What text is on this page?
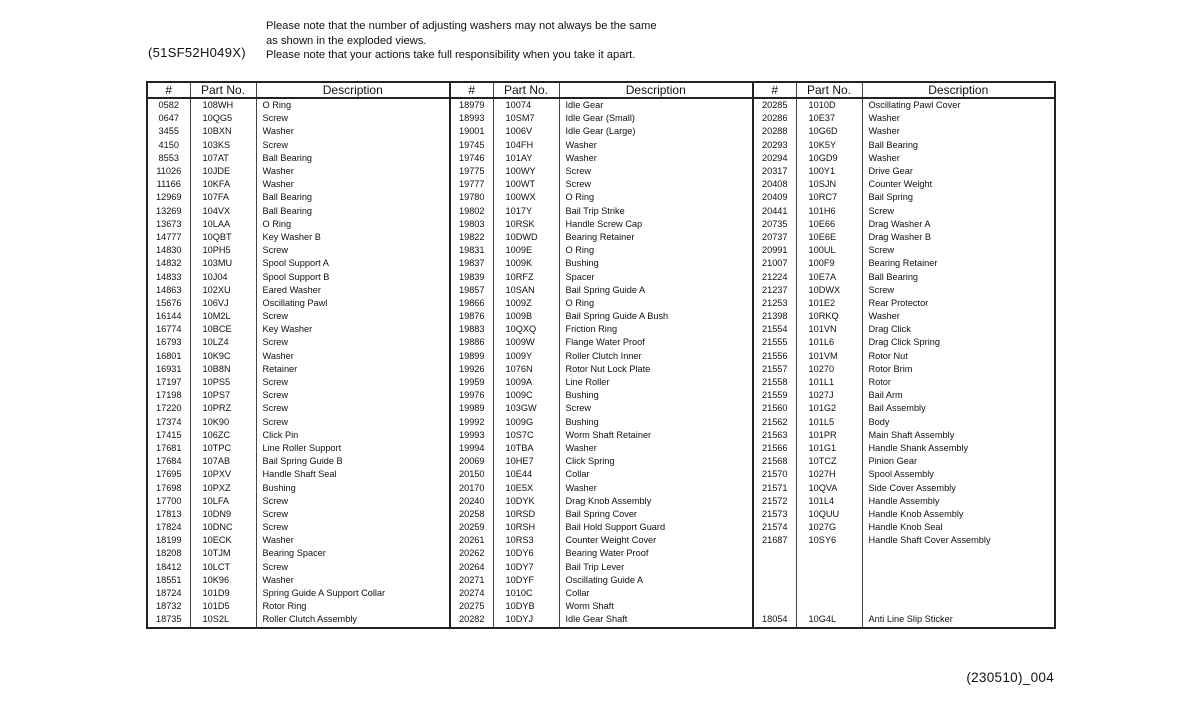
(51SF52H049X)
Please note that the number of adjusting washers may not always be the same
as shown in the exploded views.
Please note that your actions take full responsibility when you take it apart.
#	Part No.	Description	#	Part No.	Description	#	Part No.	Description
0582	108WH	O Ring	18979	10074	Idle Gear	20285	1010D	Oscillating Pawl Cover
0647	10QG5	Screw	18993	10SM7	Idle Gear (Small)	20286	10E37	Washer
3455	10BXN	Washer	19001	1006V	Idle Gear (Large)	20288	10G6D	Washer
4150	103KS	Screw	19745	104FH	Washer	20293	10K5Y	Ball Bearing
8553	107AT	Ball Bearing	19746	101AY	Washer	20294	10GD9	Washer
11026	10JDE	Washer	19775	100WY	Screw	20317	100Y1	Drive Gear
11166	10KFA	Washer	19777	100WT	Screw	20408	10SJN	Counter Weight
12969	107FA	Ball Bearing	19780	100WX	O Ring	20409	10RC7	Bail Spring
13269	104VX	Ball Bearing	19802	1017Y	Bail Trip Strike	20441	101H6	Screw
13673	10LAA	O Ring	19803	10RSK	Handle Screw Cap	20735	10E66	Drag Washer A
14777	10QBT	Key Washer B	19822	10DWD	Bearing Retainer	20737	10E6E	Drag Washer B
14830	10PH5	Screw	19831	1009E	O Ring	20991	100UL	Screw
14832	103MU	Spool Support A	19837	1009K	Bushing	21007	100F9	Bearing Retainer
14833	10J04	Spool Support B	19839	10RFZ	Spacer	21224	10E7A	Ball Bearing
14863	102XU	Eared Washer	19857	10SAN	Bail Spring Guide A	21237	10DWX	Screw
15676	106VJ	Oscillating Pawl	19866	1009Z	O Ring	21253	101E2	Rear Protector
16144	10M2L	Screw	19876	1009B	Bail Spring Guide A Bush	21398	10RKQ	Washer
16774	10BCE	Key Washer	19883	10QXQ	Friction Ring	21554	101VN	Drag Click
16793	10LZ4	Screw	19886	1009W	Flange Water Proof	21555	101L6	Drag Click Spring
16801	10K9C	Washer	19899	1009Y	Roller Clutch Inner	21556	101VM	Rotor Nut
16931	10B8N	Retainer	19926	1076N	Rotor Nut Lock Plate	21557	10270	Rotor Brim
17197	10PS5	Screw	19959	1009A	Line Roller	21558	101L1	Rotor
17198	10PS7	Screw	19976	1009C	Bushing	21559	1027J	Bail Arm
17220	10PRZ	Screw	19989	103GW	Screw	21560	101G2	Bail Assembly
17374	10K90	Screw	19992	1009G	Bushing	21562	101L5	Body
17415	106ZC	Click Pin	19993	10S7C	Worm Shaft Retainer	21563	101PR	Main Shaft Assembly
17681	10TPC	Line Roller Support	19994	10TBA	Washer	21566	101G1	Handle Shank Assembly
17684	107AB	Bail Spring Guide B	20069	10HE7	Click Spring	21568	10TCZ	Pinion Gear
17695	10PXV	Handle Shaft Seal	20150	10E44	Collar	21570	1027H	Spool Assembly
17698	10PXZ	Bushing	20170	10E5X	Washer	21571	10QVA	Side Cover Assembly
17700	10LFA	Screw	20240	10DYK	Drag Knob Assembly	21572	101L4	Handle Assembly
17813	10DN9	Screw	20258	10RSD	Bail Spring Cover	21573	10QUU	Handle Knob Assembly
17824	10DNC	Screw	20259	10RSH	Bail Hold Support Guard	21574	1027G	Handle Knob Seal
18199	10ECK	Washer	20261	10RS3	Counter Weight Cover	21687	10SY6	Handle Shaft Cover Assembly
18208	10TJM	Bearing Spacer	20262	10DY6	Bearing Water Proof			
18412	10LCT	Screw	20264	10DY7	Bail Trip Lever			
18551	10K96	Washer	20271	10DYF	Oscillating Guide A			
18724	101D9	Spring Guide A Support Collar	20274	1010C	Collar			
18732	101D5	Rotor Ring	20275	10DYB	Worm Shaft			
18735	10S2L	Roller Clutch Assembly	20282	10DYJ	Idle Gear Shaft	18054	10G4L	Anti Line Slip Sticker
(230510)_004
